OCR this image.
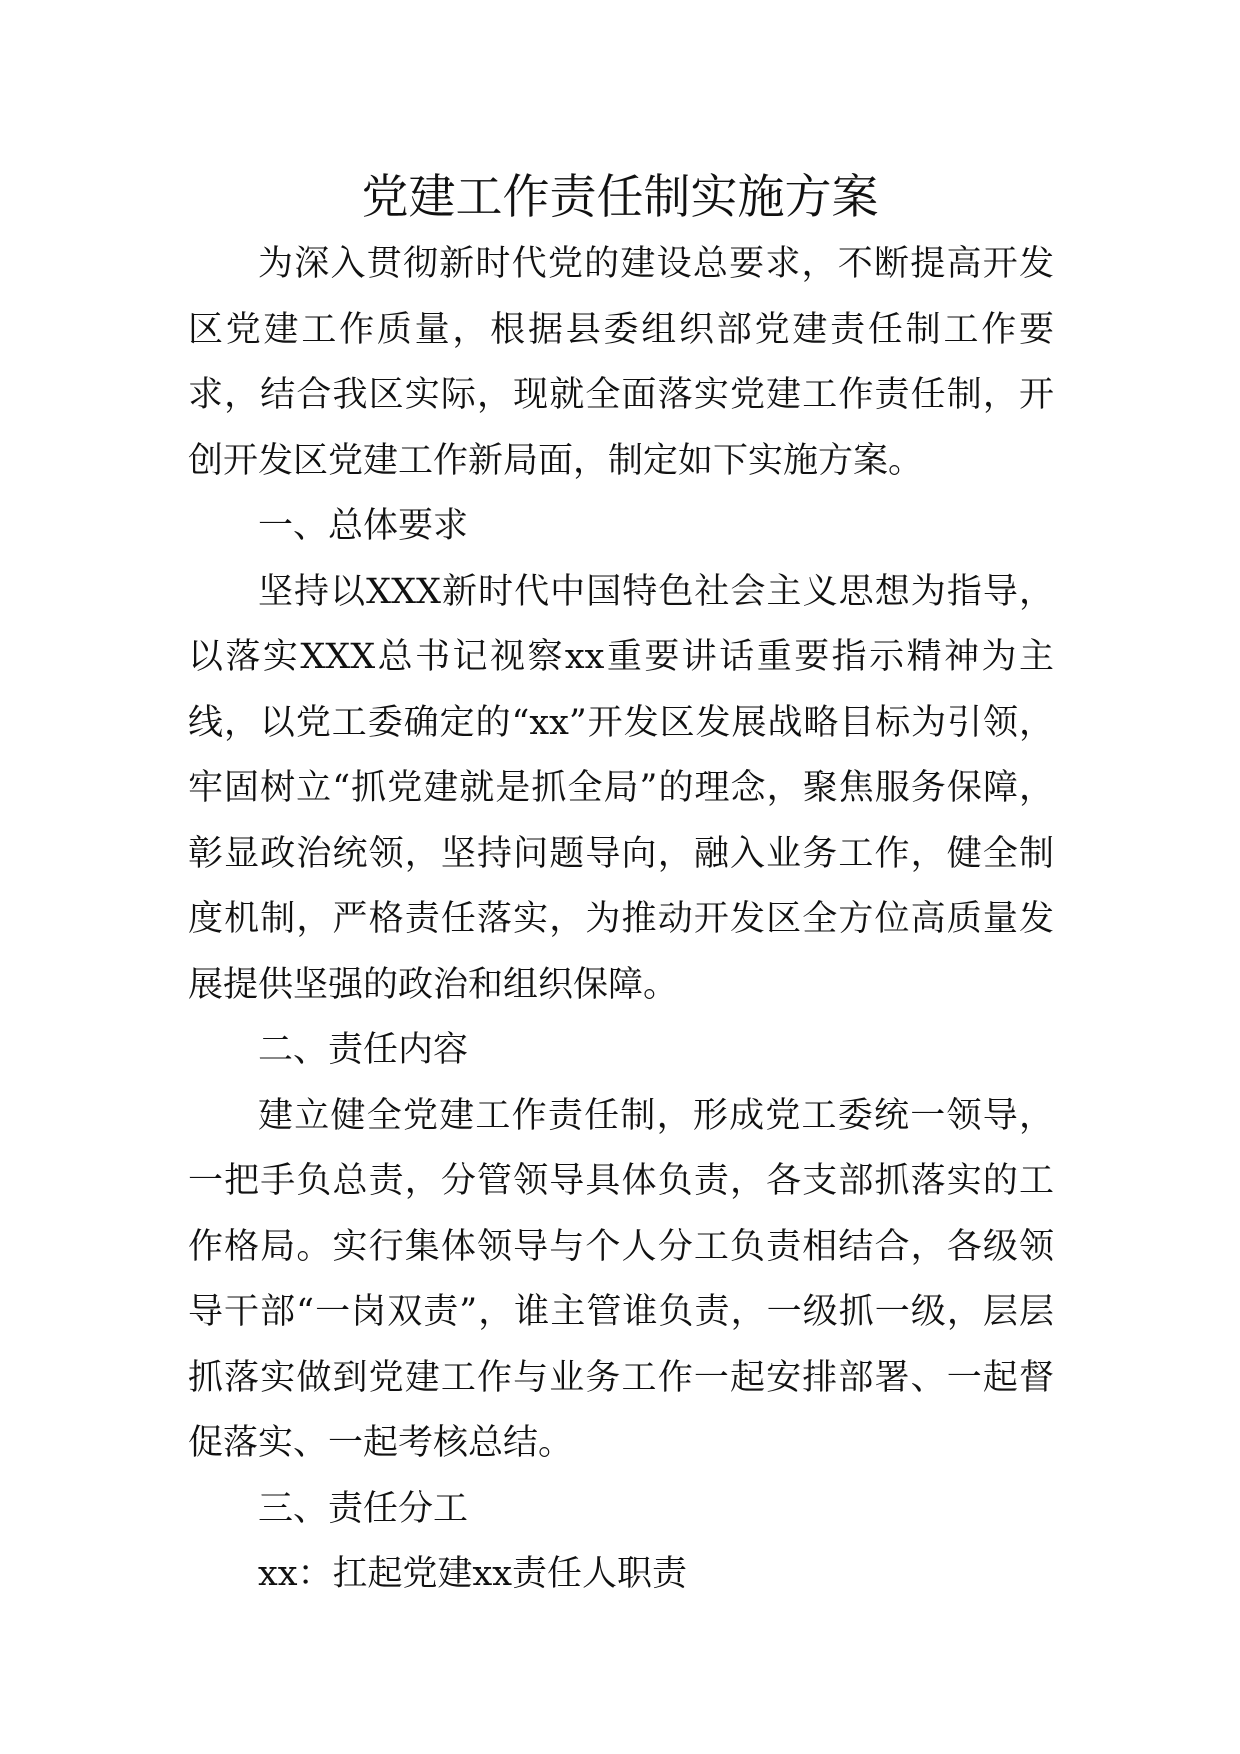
党建工作责任制实施方案

为深入贯彻新时代党的建设总要求，不断提高开发区党建工作质量，根据县委组织部党建责任制工作要求，结合我区实际，现就全面落实党建工作责任制，开创开发区党建工作新局面，制定如下实施方案。

一、总体要求

坚持以XXX新时代中国特色社会主义思想为指导，以落实XXX总书记视察xx重要讲话重要指示精神为主线，以党工委确定的“xx”开发区发展战略目标为引领，牢固树立“抓党建就是抓全局”的理念，聚焦服务保障，彰显政治统领，坚持问题导向，融入业务工作，健全制度机制，严格责任落实，为推动开发区全方位高质量发展提供坚强的政治和组织保障。

二、责任内容

建立健全党建工作责任制，形成党工委统一领导，一把手负总责，分管领导具体负责，各支部抓落实的工作格局。实行集体领导与个人分工负责相结合，各级领导干部“一岗双责”，谁主管谁负责，一级抓一级，层层抓落实做到党建工作与业务工作一起安排部署、一起督促落实、一起考核总结。

三、责任分工

xx：扛起党建xx责任人职责
